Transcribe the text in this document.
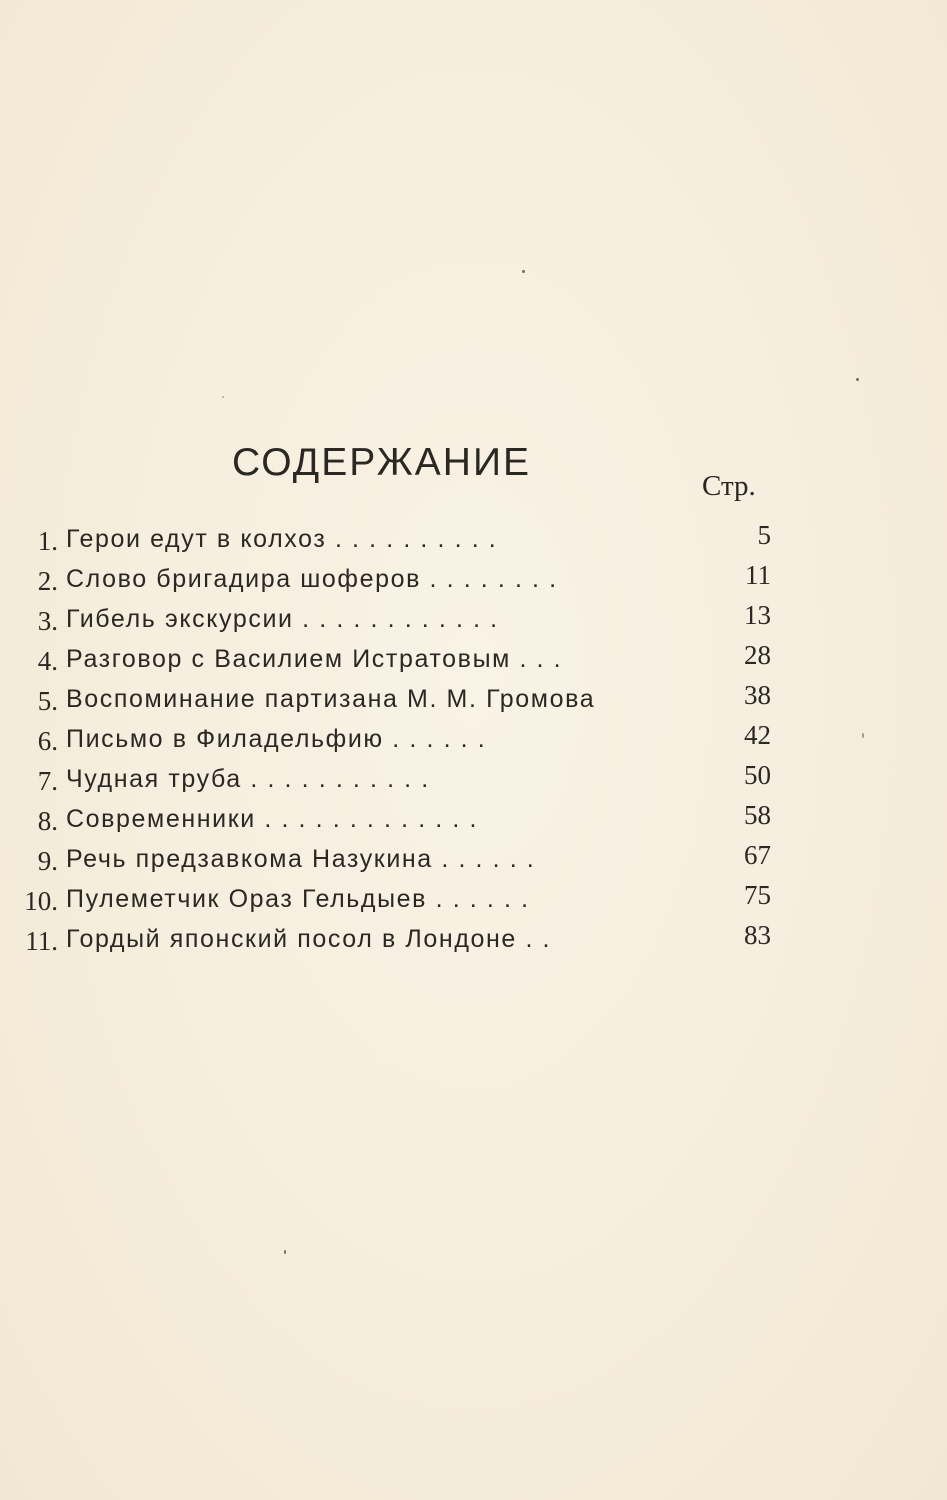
СОДЕРЖАНИЕ
Стр.
1. Герои едут в колхоз . . . . . . . . . .	5
2. Слово бригадира шоферов . . . . . . . .	11
3. Гибель экскурсии . . . . . . . . . . . .	13
4. Разговор с Василием Истратовым . . .	28
5. Воспоминание партизана М. М. Громова	38
6. Письмо в Филадельфию . . . . . .	42
7. Чудная труба . . . . . . . . . . .	50
8. Современники . . . . . . . . . . . . .	58
9. Речь предзавкома Назукина . . . . . .	67
10. Пулеметчик Ораз Гельдыев . . . . . .	75
11. Гордый японский посол в Лондоне . .	83
